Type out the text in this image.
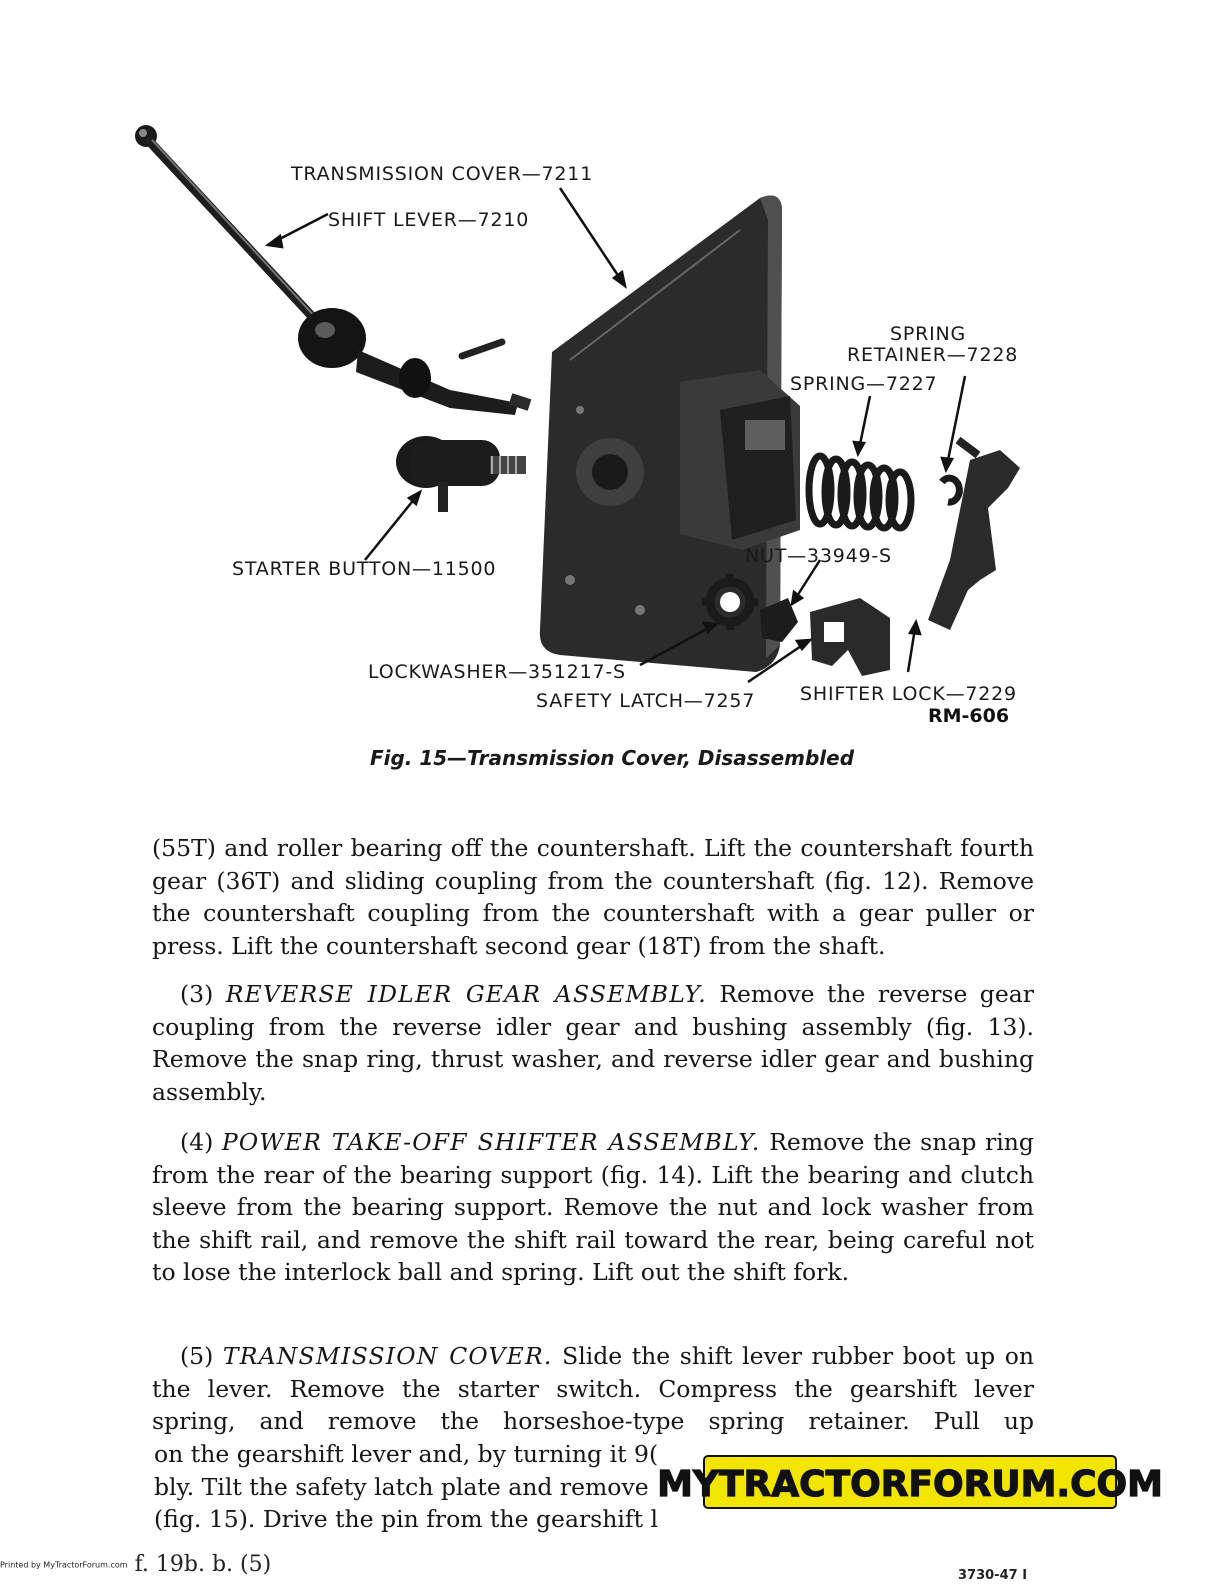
TRANSMISSION COVER—7211
SHIFT LEVER—7210
SPRING
RETAINER—7228
SPRING—7227
STARTER BUTTON—11500
NUT—33949-S
LOCKWASHER—351217-S
SAFETY LATCH—7257 SHIFTER LOCK—7229
RM-606
Fig. 15—Transmission Cover, Disassembled

(55T) and roller bearing off the countershaft. Lift the countershaft fourth gear (36T) and sliding coupling from the countershaft (fig. 12). Remove the countershaft coupling from the countershaft with a gear puller or press. Lift the countershaft second gear (18T) from the shaft.

(3) REVERSE IDLER GEAR ASSEMBLY. Remove the reverse gear coupling from the reverse idler gear and bushing assembly (fig. 13). Remove the snap ring, thrust washer, and reverse idler gear and bushing assembly.

(4) POWER TAKE-OFF SHIFTER ASSEMBLY. Remove the snap ring from the rear of the bearing support (fig. 14). Lift the bearing and clutch sleeve from the bearing support. Remove the nut and lock washer from the shift rail, and remove the shift rail toward the rear, being careful not to lose the interlock ball and spring. Lift out the shift fork.

(5) TRANSMISSION COVER. Slide the shift lever rubber boot up on the lever. Remove the starter switch. Compress the gearshift lever spring, and remove the horseshoe-type spring retainer. Pull up

on the gearshift lever and, by turning it 9(
bly. Tilt the safety latch plate and remove
(fig. 15). Drive the pin from the gearshift l
MYTRACTORFORUM.COM
Printed by MyTractorForum.com f. 19b. b. (5)	3730-47 I
